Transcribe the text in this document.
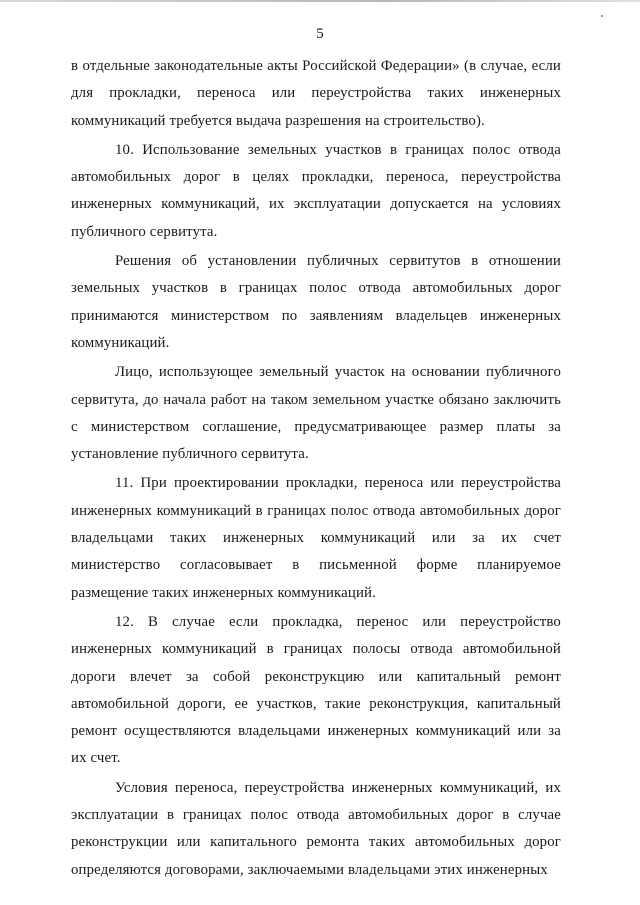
5
в отдельные законодательные акты Российской Федерации» (в случае, если
для прокладки, переноса или переустройства таких инженерных
коммуникаций требуется выдача разрешения на строительство).
10. Использование земельных участков в границах полос отвода
автомобильных дорог в целях прокладки, переноса, переустройства
инженерных коммуникаций, их эксплуатации допускается на условиях
публичного сервитута.
Решения об установлении публичных сервитутов в отношении
земельных участков в границах полос отвода автомобильных дорог
принимаются министерством по заявлениям владельцев инженерных
коммуникаций.
Лицо, использующее земельный участок на основании публичного
сервитута, до начала работ на таком земельном участке обязано заключить
с министерством соглашение, предусматривающее размер платы за
установление публичного сервитута.
11. При проектировании прокладки, переноса или переустройства
инженерных коммуникаций в границах полос отвода автомобильных дорог
владельцами таких инженерных коммуникаций или за их счет
министерство согласовывает в письменной форме планируемое
размещение таких инженерных коммуникаций.
12. В случае если прокладка, перенос или переустройство
инженерных коммуникаций в границах полосы отвода автомобильной
дороги влечет за собой реконструкцию или капитальный ремонт
автомобильной дороги, ее участков, такие реконструкция, капитальный
ремонт осуществляются владельцами инженерных коммуникаций или за
их счет.
Условия переноса, переустройства инженерных коммуникаций, их
эксплуатации в границах полос отвода автомобильных дорог в случае
реконструкции или капитального ремонта таких автомобильных дорог
определяются договорами, заключаемыми владельцами этих инженерных
